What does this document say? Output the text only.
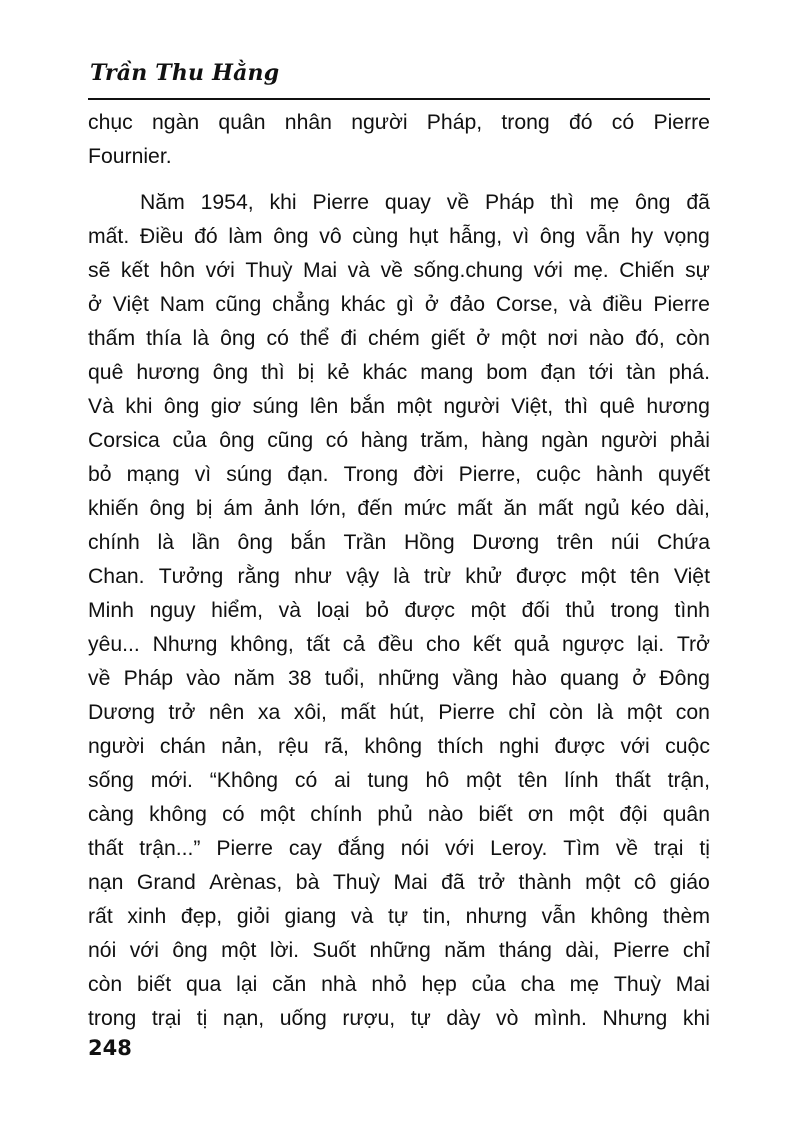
Trần Thu Hằng
chục ngàn quân nhân người Pháp, trong đó có Pierre
Fournier.
Năm 1954, khi Pierre quay về Pháp thì mẹ ông đã
mất. Điều đó làm ông vô cùng hụt hẫng, vì ông vẫn hy vọng
sẽ kết hôn với Thuỳ Mai và về sống.chung với mẹ. Chiến sự
ở Việt Nam cũng chẳng khác gì ở đảo Corse, và điều Pierre
thấm thía là ông có thể đi chém giết ở một nơi nào đó, còn
quê hương ông thì bị kẻ khác mang bom đạn tới tàn phá.
Và khi ông giơ súng lên bắn một người Việt, thì quê hương
Corsica của ông cũng có hàng trăm, hàng ngàn người phải
bỏ mạng vì súng đạn. Trong đời Pierre, cuộc hành quyết
khiến ông bị ám ảnh lớn, đến mức mất ăn mất ngủ kéo dài,
chính là lần ông bắn Trần Hồng Dương trên núi Chứa
Chan. Tưởng rằng như vậy là trừ khử được một tên Việt
Minh nguy hiểm, và loại bỏ được một đối thủ trong tình
yêu... Nhưng không, tất cả đều cho kết quả ngược lại. Trở
về Pháp vào năm 38 tuổi, những vầng hào quang ở Đông
Dương trở nên xa xôi, mất hút, Pierre chỉ còn là một con
người chán nản, rệu rã, không thích nghi được với cuộc
sống mới. “Không có ai tung hô một tên lính thất trận,
càng không có một chính phủ nào biết ơn một đội quân
thất trận...” Pierre cay đắng nói với Leroy. Tìm về trại tị
nạn Grand Arènas, bà Thuỳ Mai đã trở thành một cô giáo
rất xinh đẹp, giỏi giang và tự tin, nhưng vẫn không thèm
nói với ông một lời. Suốt những năm tháng dài, Pierre chỉ
còn biết qua lại căn nhà nhỏ hẹp của cha mẹ Thuỳ Mai
trong trại tị nạn, uống rượu, tự dày vò mình. Nhưng khi
248
